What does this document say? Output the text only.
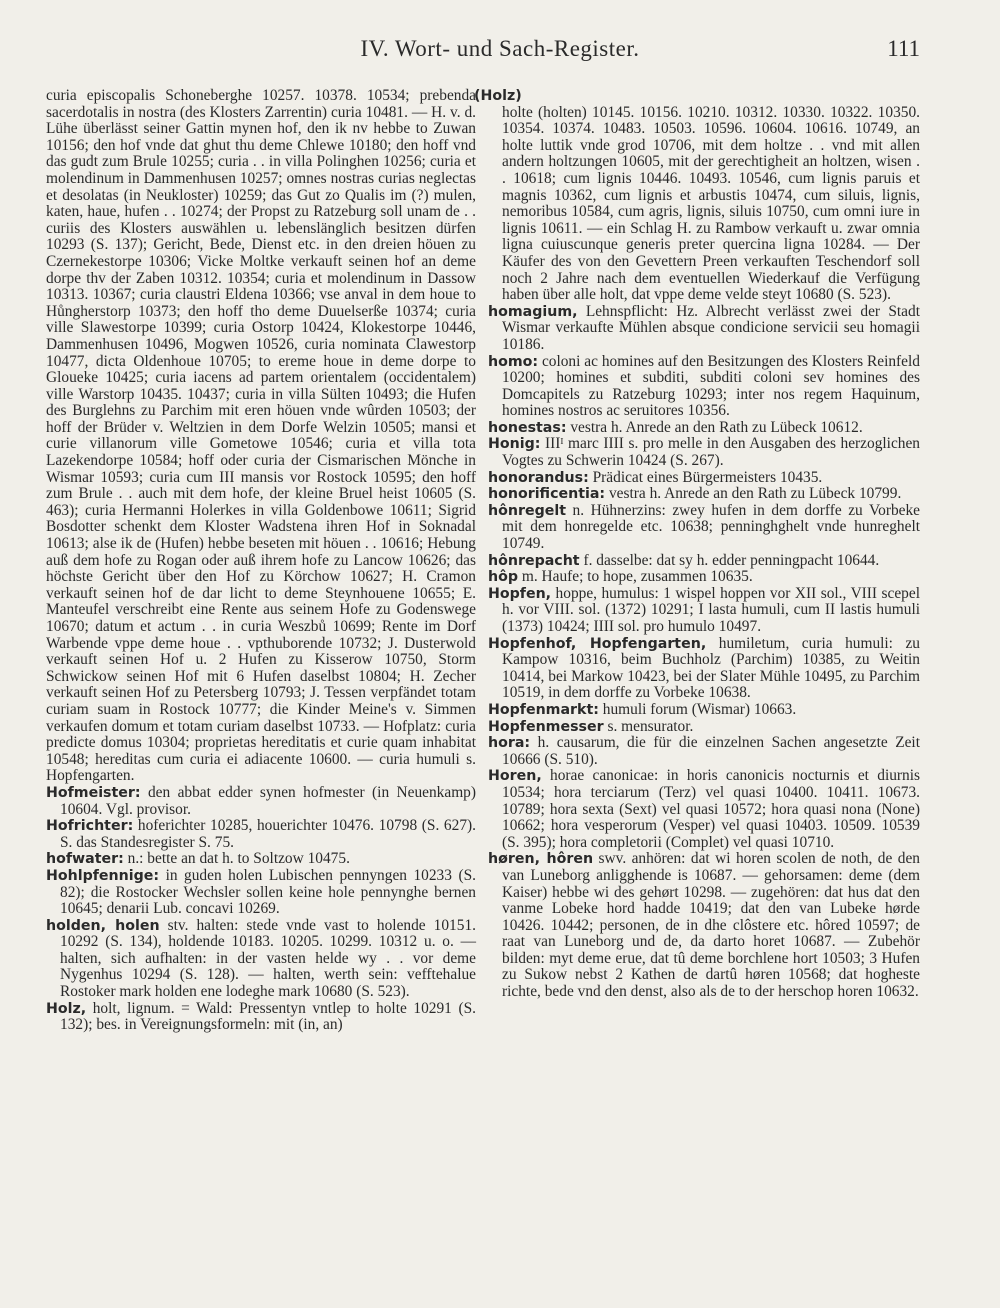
IV. Wort- und Sach-Register.	111

curia episcopalis Schoneberghe 10257. 10378. 10534; prebenda sacerdotalis in nostra (des Klosters Zarrentin) curia 10481. — H. v. d. Lühe überlässt seiner Gattin mynen hof, den ik nv hebbe to Zuwan 10156; den hof vnde dat ghut thu deme Chlewe 10180; den hoff vnd das gudt zum Brule 10255; curia . . in villa Polinghen 10256; curia et molendinum in Dammenhusen 10257; omnes nostras curias neglectas et desolatas (in Neukloster) 10259; das Gut zo Qualis im (?) mulen, katen, haue, hufen . . 10274; der Propst zu Ratzeburg soll unam de . . curiis des Klosters auswählen u. lebenslänglich besitzen dürfen 10293 (S. 137); Gericht, Bede, Dienst etc. in den dreien höuen zu Czernekestorpe 10306; Vicke Moltke verkauft seinen hof an deme dorpe thv der Zaben 10312. 10354; curia et molendinum in Dassow 10313. 10367; curia claustri Eldena 10366; vse anval in dem houe to Hůngherstorp 10373; den hoff tho deme Duuelserße 10374; curia ville Slawestorpe 10399; curia Ostorp 10424, Klokestorpe 10446, Dammenhusen 10496, Mogwen 10526, curia nominata Clawestorp 10477, dicta Oldenhoue 10705; to ereme houe in deme dorpe to Gloueke 10425; curia iacens ad partem orientalem (occidentalem) ville Warstorp 10435. 10437; curia in villa Sülten 10493; die Hufen des Burglehns zu Parchim mit eren höuen vnde wûrden 10503; der hoff der Brüder v. Weltzien in dem Dorfe Welzin 10505; mansi et curie villanorum ville Gometowe 10546; curia et villa tota Lazekendorpe 10584; hoff oder curia der Cismarischen Mönche in Wismar 10593; curia cum III mansis vor Rostock 10595; den hoff zum Brule . . auch mit dem hofe, der kleine Bruel heist 10605 (S. 463); curia Hermanni Holerkes in villa Goldenbowe 10611; Sigrid Bosdotter schenkt dem Kloster Wadstena ihren Hof in Soknadal 10613; alse ik de (Hufen) hebbe beseten mit höuen . . 10616; Hebung auß dem hofe zu Rogan oder auß ihrem hofe zu Lancow 10626; das höchste Gericht über den Hof zu Körchow 10627; H. Cramon verkauft seinen hof de dar licht to deme Steynhouene 10655; E. Manteufel verschreibt eine Rente aus seinem Hofe zu Godenswege 10670; datum et actum . . in curia Weszbů 10699; Rente im Dorf Warbende vppe deme houe . . vpthuborende 10732; J. Dusterwold verkauft seinen Hof u. 2 Hufen zu Kisserow 10750, Storm Schwickow seinen Hof mit 6 Hufen daselbst 10804; H. Zecher verkauft seinen Hof zu Petersberg 10793; J. Tessen verpfändet totam curiam suam in Rostock 10777; die Kinder Meine's v. Simmen verkaufen domum et totam curiam daselbst 10733. — Hofplatz: curia predicte domus 10304; proprietas hereditatis et curie quam inhabitat 10548; hereditas cum curia ei adiacente 10600. — curia humuli s. Hopfengarten.

Hofmeister: den abbat edder synen hofmester (in Neuenkamp) 10604. Vgl. provisor.

Hofrichter: hoferichter 10285, houerichter 10476. 10798 (S. 627). S. das Standesregister S. 75.

hofwater: n.: bette an dat h. to Soltzow 10475.

Hohlpfennige: in guden holen Lubischen pennyngen 10233 (S. 82); die Rostocker Wechsler sollen keine hole pennynghe bernen 10645; denarii Lub. concavi 10269.

holden, holen stv. halten: stede vnde vast to holende 10151. 10292 (S. 134), holdende 10183. 10205. 10299. 10312 u. o. — halten, sich aufhalten: in der vasten helde wy . . vor deme Nygenhus 10294 (S. 128). — halten, werth sein: vefftehalue Rostoker mark holden ene lodeghe mark 10680 (S. 523).

Holz, holt, lignum. = Wald: Pressentyn vntlep to holte 10291 (S. 132); bes. in Vereignungsformeln: mit (in, an)

(Holz)
holte (holten) 10145. 10156. 10210. 10312. 10330. 10322. 10350. 10354. 10374. 10483. 10503. 10596. 10604. 10616. 10749, an holte luttik vnde grod 10706, mit dem holtze . . vnd mit allen andern holtzungen 10605, mit der gerechtigheit an holtzen, wisen . . 10618; cum lignis 10446. 10493. 10546, cum lignis paruis et magnis 10362, cum lignis et arbustis 10474, cum siluis, lignis, nemoribus 10584, cum agris, lignis, siluis 10750, cum omni iure in lignis 10611. — ein Schlag H. zu Rambow verkauft u. zwar omnia ligna cuiuscunque generis preter quercina ligna 10284. — Der Käufer des von den Gevettern Preen verkauften Teschendorf soll noch 2 Jahre nach dem eventuellen Wiederkauf die Verfügung haben über alle holt, dat vppe deme velde steyt 10680 (S. 523).

homagium, Lehnspflicht: Hz. Albrecht verlässt zwei der Stadt Wismar verkaufte Mühlen absque condicione servicii seu homagii 10186.

homo: coloni ac homines auf den Besitzungen des Klosters Reinfeld 10200; homines et subditi, subditi coloni sev homines des Domcapitels zu Ratzeburg 10293; inter nos regem Haquinum, homines nostros ac seruitores 10356.

honestas: vestra h. Anrede an den Rath zu Lübeck 10612.

Honig: IIIᴵ marc IIII s. pro melle in den Ausgaben des herzoglichen Vogtes zu Schwerin 10424 (S. 267).

honorandus: Prädicat eines Bürgermeisters 10435.

honorificentia: vestra h. Anrede an den Rath zu Lübeck 10799.

hônregelt n. Hühnerzins: zwey hufen in dem dorffe zu Vorbeke mit dem honregelde etc. 10638; penninghghelt vnde hunreghelt 10749.

hônrepacht f. dasselbe: dat sy h. edder penningpacht 10644.

hôp m. Haufe; to hope, zusammen 10635.

Hopfen, hoppe, humulus: 1 wispel hoppen vor XII sol., VIII scepel h. vor VIII. sol. (1372) 10291; I lasta humuli, cum II lastis humuli (1373) 10424; IIII sol. pro humulo 10497.

Hopfenhof, Hopfengarten, humiletum, curia humuli: zu Kampow 10316, beim Buchholz (Parchim) 10385, zu Weitin 10414, bei Markow 10423, bei der Slater Mühle 10495, zu Parchim 10519, in dem dorffe zu Vorbeke 10638.

Hopfenmarkt: humuli forum (Wismar) 10663.

Hopfenmesser s. mensurator.

hora: h. causarum, die für die einzelnen Sachen angesetzte Zeit 10666 (S. 510).

Horen, horae canonicae: in horis canonicis nocturnis et diurnis 10534; hora terciarum (Terz) vel quasi 10400. 10411. 10673. 10789; hora sexta (Sext) vel quasi 10572; hora quasi nona (None) 10662; hora vesperorum (Vesper) vel quasi 10403. 10509. 10539 (S. 395); hora completorii (Complet) vel quasi 10710.

høren, hôren swv. anhören: dat wi horen scolen de noth, de den van Luneborg anligghende is 10687. — gehorsamen: deme (dem Kaiser) hebbe wi des gehørt 10298. — zugehören: dat hus dat den vanme Lobeke hord hadde 10419; dat den van Lubeke hørde 10426. 10442; personen, de in dhe clôstere etc. hôred 10597; de raat van Luneborg und de, da darto horet 10687. — Zubehör bilden: myt deme erue, dat tû deme borchlene hort 10503; 3 Hufen zu Sukow nebst 2 Kathen de dartû høren 10568; dat hogheste richte, bede vnd den denst, also als de to der herschop horen 10632.
